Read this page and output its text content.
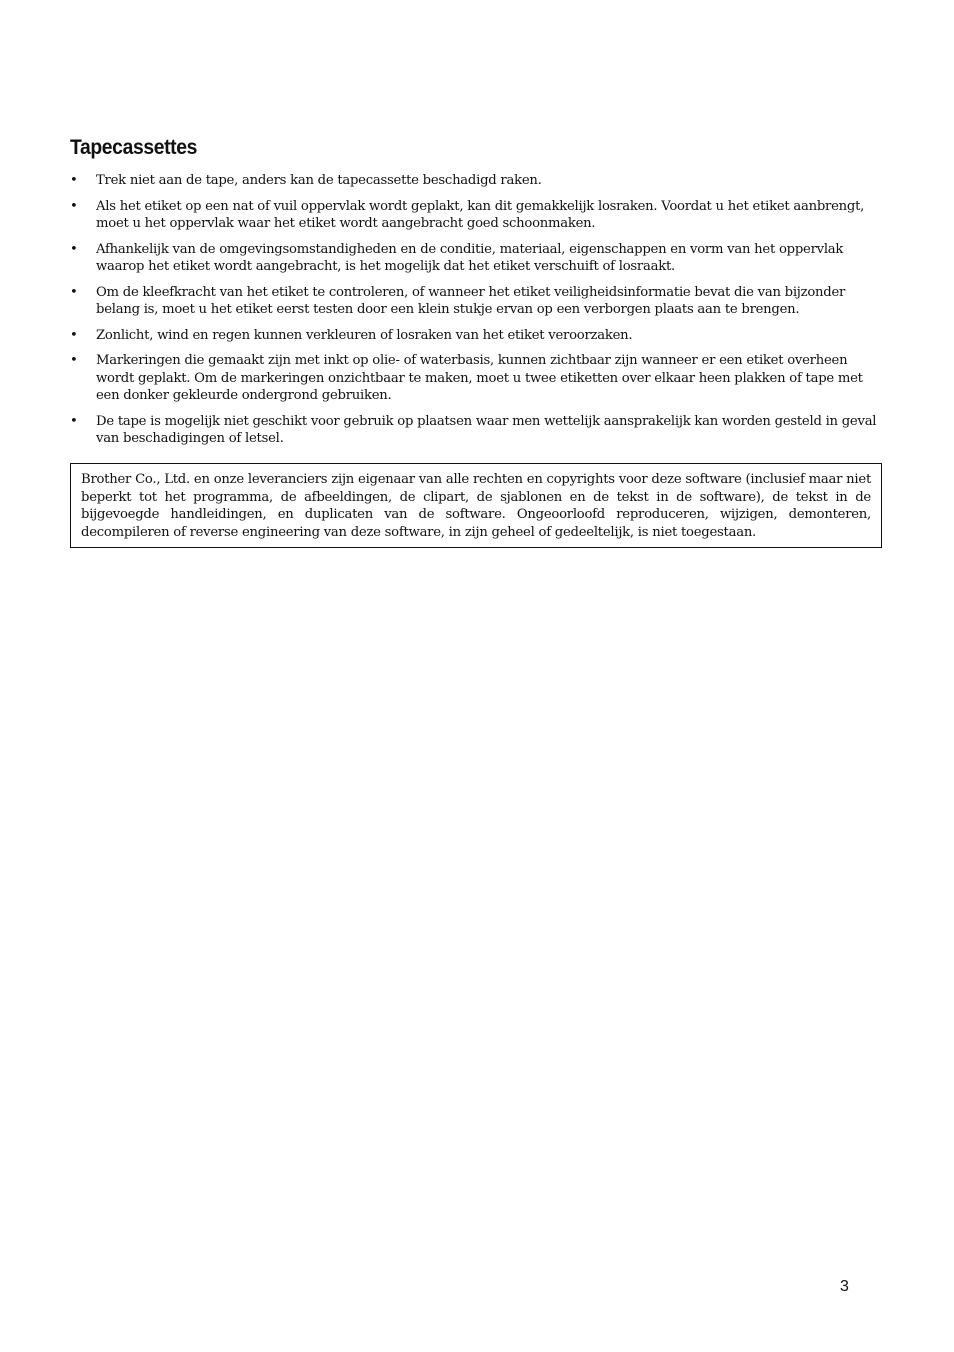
Tapecassettes
• Trek niet aan de tape, anders kan de tapecassette beschadigd raken.
• Als het etiket op een nat of vuil oppervlak wordt geplakt, kan dit gemakkelijk losraken. Voordat u het etiket aanbrengt, moet u het oppervlak waar het etiket wordt aangebracht goed schoonmaken.
• Afhankelijk van de omgevingsomstandigheden en de conditie, materiaal, eigenschappen en vorm van het oppervlak waarop het etiket wordt aangebracht, is het mogelijk dat het etiket verschuift of losraakt.
• Om de kleefkracht van het etiket te controleren, of wanneer het etiket veiligheidsinformatie bevat die van bijzonder belang is, moet u het etiket eerst testen door een klein stukje ervan op een verborgen plaats aan te brengen.
• Zonlicht, wind en regen kunnen verkleuren of losraken van het etiket veroorzaken.
• Markeringen die gemaakt zijn met inkt op olie- of waterbasis, kunnen zichtbaar zijn wanneer er een etiket overheen wordt geplakt. Om de markeringen onzichtbaar te maken, moet u twee etiketten over elkaar heen plakken of tape met een donker gekleurde ondergrond gebruiken.
• De tape is mogelijk niet geschikt voor gebruik op plaatsen waar men wettelijk aansprakelijk kan worden gesteld in geval van beschadigingen of letsel.
Brother Co., Ltd. en onze leveranciers zijn eigenaar van alle rechten en copyrights voor deze software (inclusief maar niet beperkt tot het programma, de afbeeldingen, de clipart, de sjablonen en de tekst in de software), de tekst in de bijgevoegde handleidingen, en duplicaten van de software. Ongeoorloofd reproduceren, wijzigen, demonteren, decompileren of reverse engineering van deze software, in zijn geheel of gedeeltelijk, is niet toegestaan.
3
